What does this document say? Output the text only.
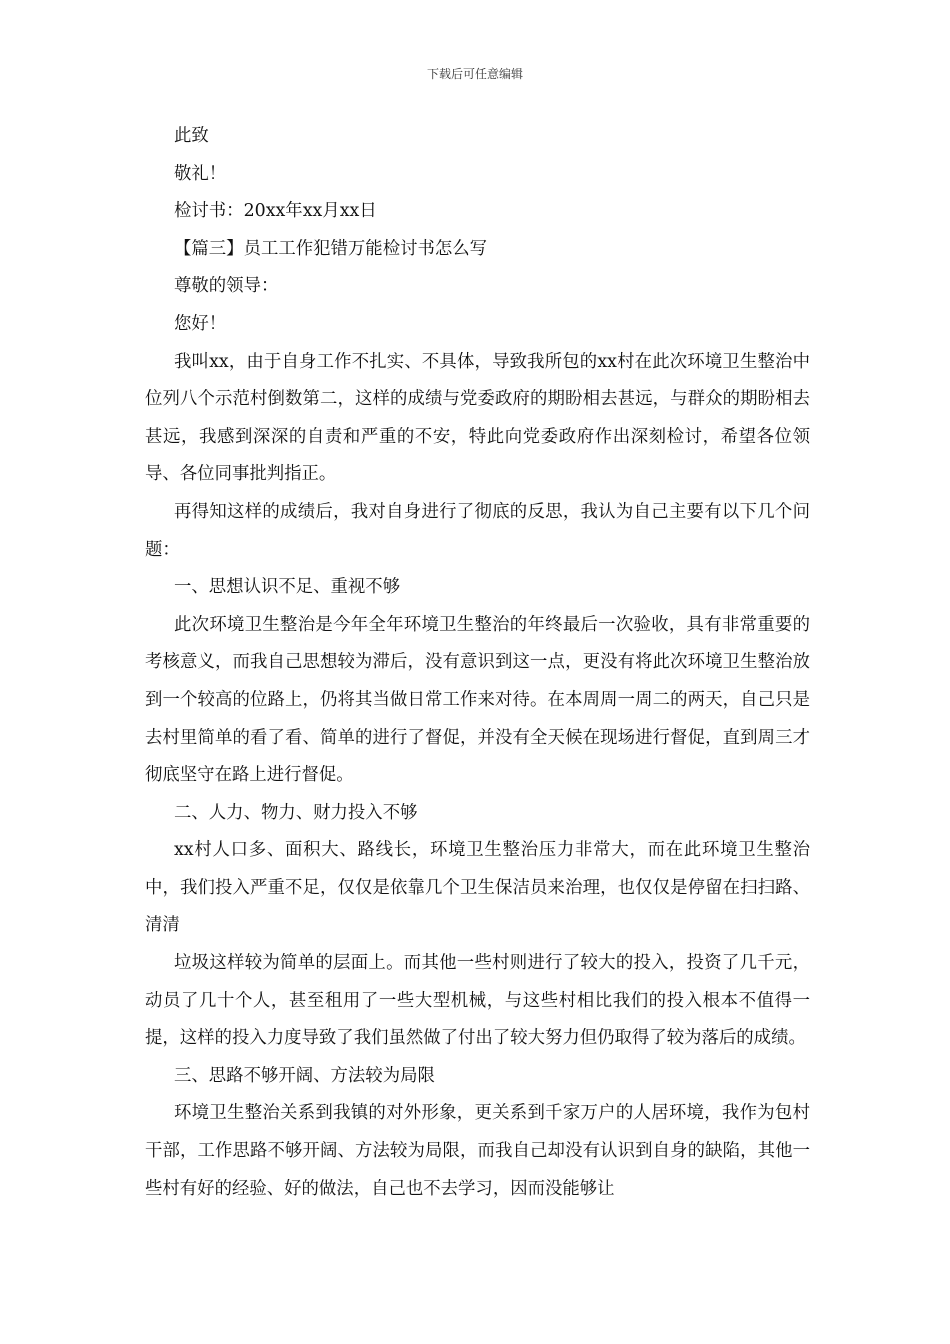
下载后可任意编辑

此致

敬礼！

检讨书：20xx年xx月xx日

【篇三】员工工作犯错万能检讨书怎么写

尊敬的领导：

您好！

我叫xx，由于自身工作不扎实、不具体，导致我所包的xx村在此次环境卫生整治中位列八个示范村倒数第二，这样的成绩与党委政府的期盼相去甚远，与群众的期盼相去甚远，我感到深深的自责和严重的不安，特此向党委政府作出深刻检讨，希望各位领导、各位同事批判指正。

再得知这样的成绩后，我对自身进行了彻底的反思，我认为自己主要有以下几个问题：

一、思想认识不足、重视不够

此次环境卫生整治是今年全年环境卫生整治的年终最后一次验收，具有非常重要的考核意义，而我自己思想较为滞后，没有意识到这一点，更没有将此次环境卫生整治放到一个较高的位路上，仍将其当做日常工作来对待。在本周周一周二的两天，自己只是去村里简单的看了看、简单的进行了督促，并没有全天候在现场进行督促，直到周三才彻底坚守在路上进行督促。

二、人力、物力、财力投入不够

xx村人口多、面积大、路线长，环境卫生整治压力非常大，而在此环境卫生整治中，我们投入严重不足，仅仅是依靠几个卫生保洁员来治理，也仅仅是停留在扫扫路、清清

垃圾这样较为简单的层面上。而其他一些村则进行了较大的投入，投资了几千元，动员了几十个人，甚至租用了一些大型机械，与这些村相比我们的投入根本不值得一提，这样的投入力度导致了我们虽然做了付出了较大努力但仍取得了较为落后的成绩。

三、思路不够开阔、方法较为局限

环境卫生整治关系到我镇的对外形象，更关系到千家万户的人居环境，我作为包村干部，工作思路不够开阔、方法较为局限，而我自己却没有认识到自身的缺陷，其他一些村有好的经验、好的做法，自己也不去学习，因而没能够让
